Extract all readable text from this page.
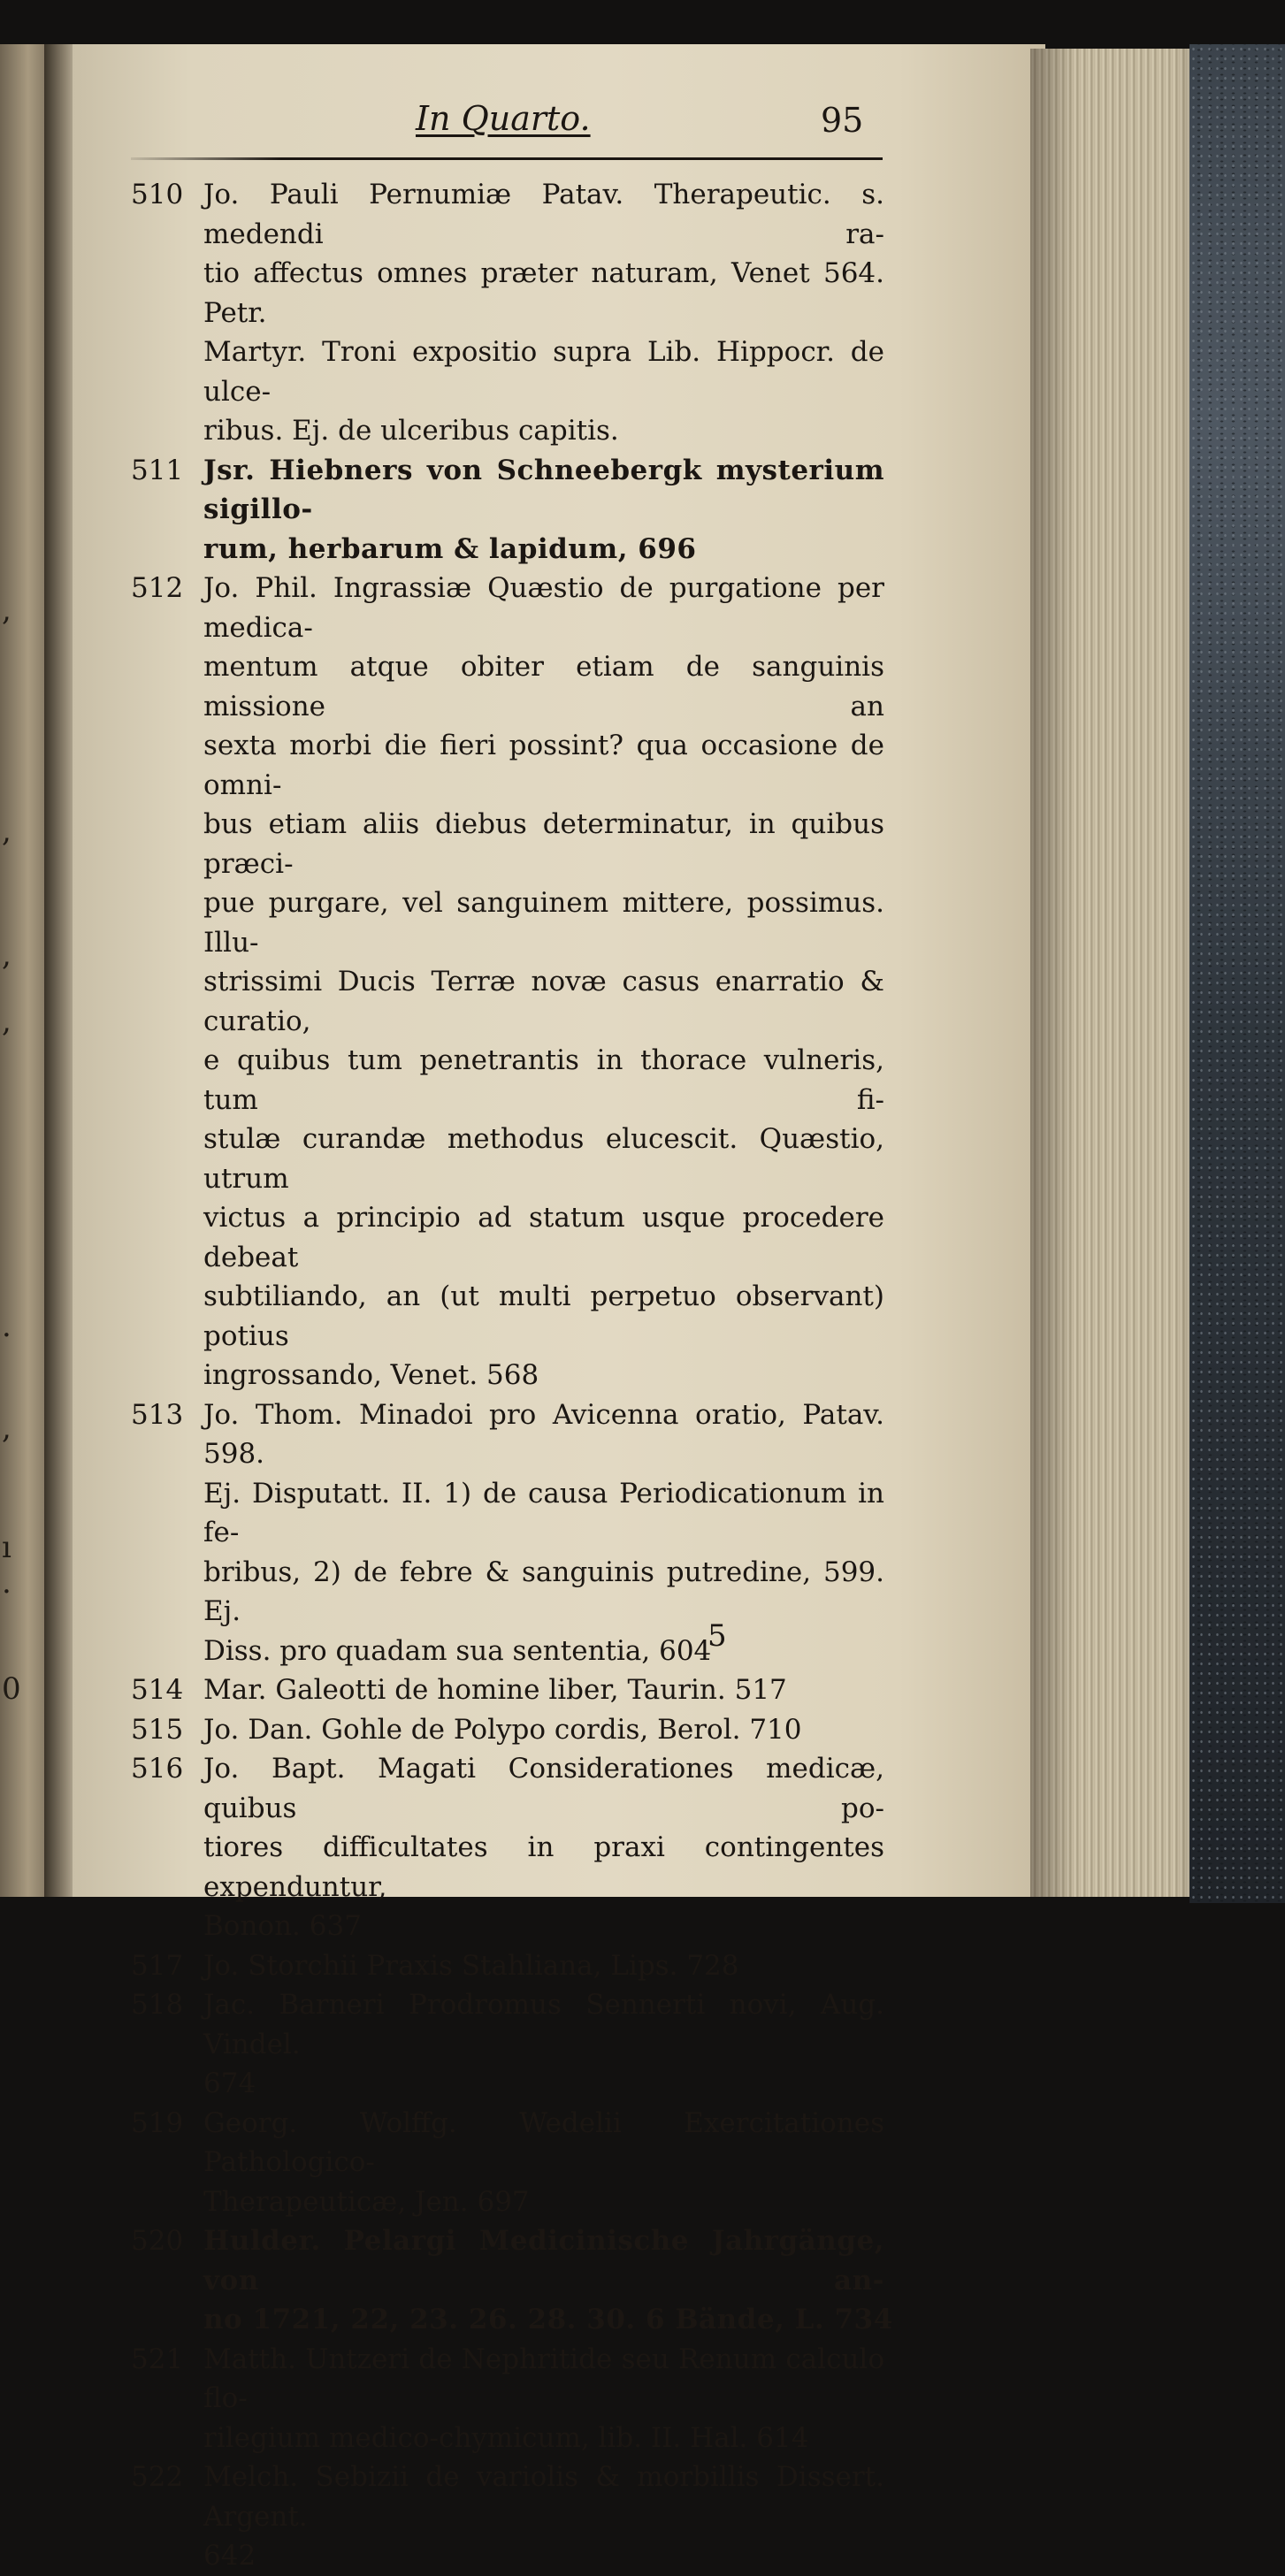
,
,
,
,
·
,
ı
.
0
In Quarto.	95
510 Jo. Pauli Pernumiæ Patav. Therapeutic. s. medendi ra-
tio affectus omnes præter naturam, Venet 564. Petr.
Martyr. Troni expositio supra Lib. Hippocr. de ulce-
ribus. Ej. de ulceribus capitis.
511 Jsr. Hiebners von Schneebergk mysterium sigillo-
rum, herbarum & lapidum, 696
512 Jo. Phil. Ingrassiæ Quæstio de purgatione per medica-
mentum atque obiter etiam de sanguinis missione an
sexta morbi die fieri possint? qua occasione de omni-
bus etiam aliis diebus determinatur, in quibus præci-
pue purgare, vel sanguinem mittere, possimus. Illu-
strissimi Ducis Terræ novæ casus enarratio & curatio,
e quibus tum penetrantis in thorace vulneris, tum fi-
stulæ curandæ methodus elucescit. Quæstio, utrum
victus a principio ad statum usque procedere debeat
subtiliando, an (ut multi perpetuo observant) potius
ingrossando, Venet. 568
513 Jo. Thom. Minadoi pro Avicenna oratio, Patav. 598.
Ej. Disputatt. II. 1) de causa Periodicationum in fe-
bribus, 2) de febre & sanguinis putredine, 599. Ej.
Diss. pro quadam sua sententia, 604
514 Mar. Galeotti de homine liber, Taurin. 517
515 Jo. Dan. Gohle de Polypo cordis, Berol. 710
516 Jo. Bapt. Magati Considerationes medicæ, quibus po-
tiores difficultates in praxi contingentes expenduntur,
Bonon. 637
517 Jo. Storchii Praxis Stahliana, Lips. 728
518 Jac. Barneri Prodromus Sennerti novi, Aug. Vindel.
674
519 Georg. Wolffg. Wedelii Exercitationes Pathologico-
Therapeuticæ, Jen. 697
520 Hulder. Pelargi Medicinische Jahrgänge, von an-
no 1721, 22, 23. 26. 28. 30. 6 Bände, L. 734
521 Matth. Untzeri de Nephritide seu Renum calculo flo-
rilegium medico-chymicum, lib. II. Hal. 614
522 Melch. Sebizii de variolis & morbillis Dissert. Argent.
642
5
